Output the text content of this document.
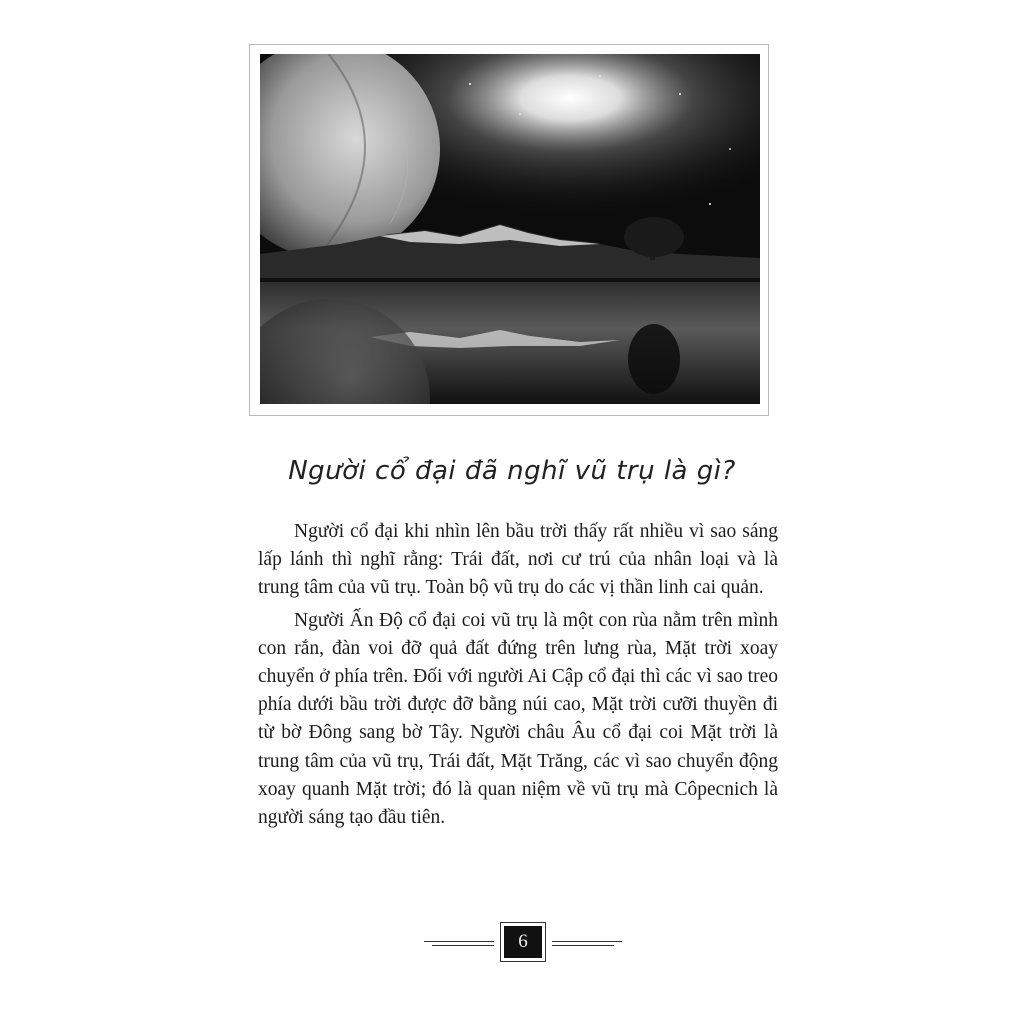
Người cổ đại đã nghĩ vũ trụ là gì?

Người cổ đại khi nhìn lên bầu trời thấy rất nhiều vì sao sáng lấp lánh thì nghĩ rằng: Trái đất, nơi cư trú của nhân loại và là trung tâm của vũ trụ. Toàn bộ vũ trụ do các vị thần linh cai quản.

Người Ấn Độ cổ đại coi vũ trụ là một con rùa nằm trên mình con rắn, đàn voi đỡ quả đất đứng trên lưng rùa, Mặt trời xoay chuyển ở phía trên. Đối với người Ai Cập cổ đại thì các vì sao treo phía dưới bầu trời được đỡ bằng núi cao, Mặt trời cưỡi thuyền đi từ bờ Đông sang bờ Tây. Người châu Âu cổ đại coi Mặt trời là trung tâm của vũ trụ, Trái đất, Mặt Trăng, các vì sao chuyển động xoay quanh Mặt trời; đó là quan niệm về vũ trụ mà Côpecnich là người sáng tạo đầu tiên.

6
